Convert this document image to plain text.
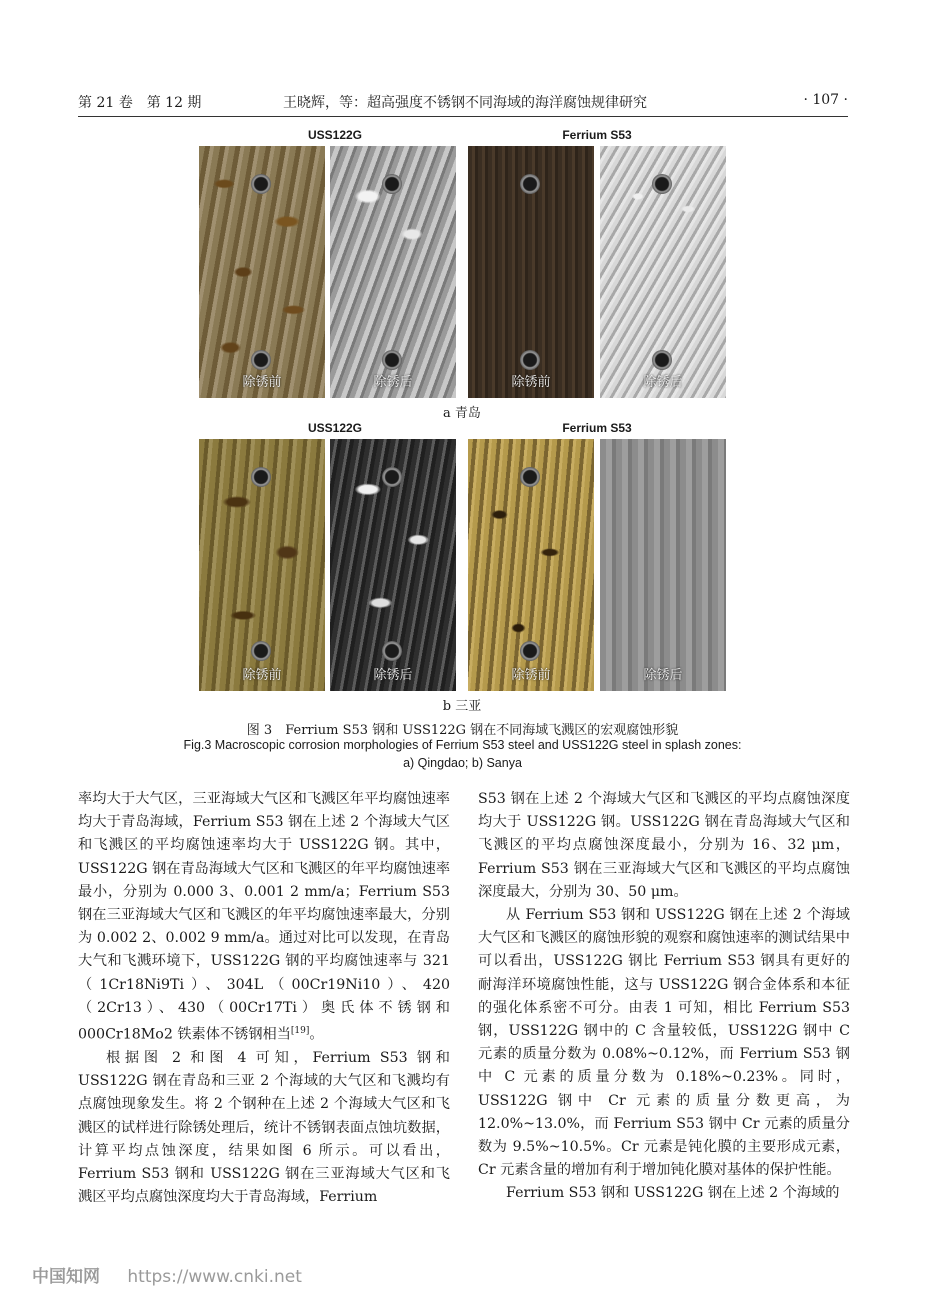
第 21 卷　第 12 期	王晓辉，等：超高强度不锈钢不同海域的海洋腐蚀规律研究	· 107 ·
USS122G	Ferrium S53
除锈前	除锈后	除锈前	除锈后
a 青岛
USS122G	Ferrium S53
除锈前	除锈后	除锈前	除锈后
b 三亚
图 3　Ferrium S53 钢和 USS122G 钢在不同海域飞溅区的宏观腐蚀形貌
Fig.3 Macroscopic corrosion morphologies of Ferrium S53 steel and USS122G steel in splash zones:
a) Qingdao; b) Sanya

率均大于大气区，三亚海域大气区和飞溅区年平均腐蚀速率均大于青岛海域，Ferrium S53 钢在上述 2 个海域大气区和飞溅区的平均腐蚀速率均大于 USS122G 钢。其中，USS122G 钢在青岛海域大气区和飞溅区的年平均腐蚀速率最小，分别为 0.000 3、0.001 2 mm/a；Ferrium S53 钢在三亚海域大气区和飞溅区的年平均腐蚀速率最大，分别为 0.002 2、0.002 9 mm/a。通过对比可以发现，在青岛大气和飞溅环境下，USS122G 钢的平均腐蚀速率与 321（1Cr18Ni9Ti）、304L（00Cr19Ni10）、420（2Cr13）、430（00Cr17Ti）奥氏体不锈钢和 000Cr18Mo2 铁素体不锈钢相当[19]。

根据图 2 和图 4 可知，Ferrium S53 钢和 USS122G 钢在青岛和三亚 2 个海域的大气区和飞溅均有点腐蚀现象发生。将 2 个钢种在上述 2 个海域大气区和飞溅区的试样进行除锈处理后，统计不锈钢表面点蚀坑数据，计算平均点蚀深度，结果如图 6 所示。可以看出，Ferrium S53 钢和 USS122G 钢在三亚海域大气区和飞溅区平均点腐蚀深度均大于青岛海域，Ferrium

S53 钢在上述 2 个海域大气区和飞溅区的平均点腐蚀深度均大于 USS122G 钢。USS122G 钢在青岛海域大气区和飞溅区的平均点腐蚀深度最小，分别为 16、32 μm，Ferrium S53 钢在三亚海域大气区和飞溅区的平均点腐蚀深度最大，分别为 30、50 μm。

从 Ferrium S53 钢和 USS122G 钢在上述 2 个海域大气区和飞溅区的腐蚀形貌的观察和腐蚀速率的测试结果中可以看出，USS122G 钢比 Ferrium S53 钢具有更好的耐海洋环境腐蚀性能，这与 USS122G 钢合金体系和本征的强化体系密不可分。由表 1 可知，相比 Ferrium S53 钢，USS122G 钢中的 C 含量较低，USS122G 钢中 C 元素的质量分数为 0.08%~0.12%，而 Ferrium S53 钢中 C 元素的质量分数为 0.18%~0.23%。同时，USS122G 钢中 Cr 元素的质量分数更高，为 12.0%~13.0%，而 Ferrium S53 钢中 Cr 元素的质量分数为 9.5%~10.5%。Cr 元素是钝化膜的主要形成元素，Cr 元素含量的增加有利于增加钝化膜对基体的保护性能。

Ferrium S53 钢和 USS122G 钢在上述 2 个海域的

中国知网 https://www.cnki.net
